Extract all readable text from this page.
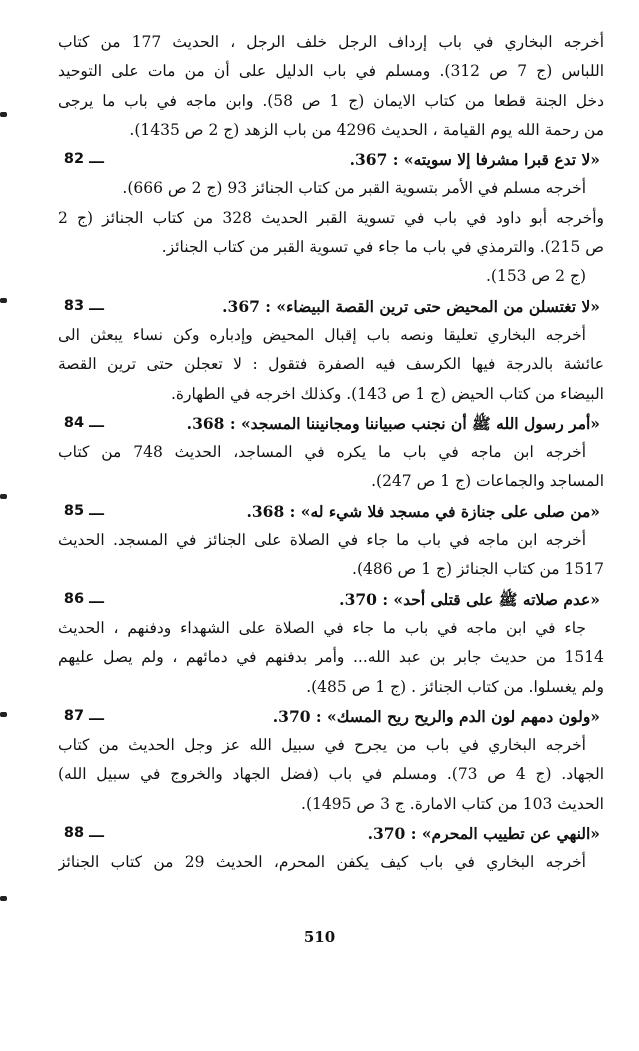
أخرجه البخاري في باب إرداف الرجل خلف الرجل ، الحديث 177 من كتاب
اللباس (ج 7 ص 312). ومسلم في باب الدليل على أن من مات على التوحيد
دخل الجنة قطعا من كتاب الايمان (ج 1 ص 58). وابن ماجه في باب ما يرجى
من رحمة الله يوم القيامة ، الحديث 4296 من باب الزهد (ج 2 ص 1435).
«لا تدع قبرا مشرفا إلا سويته» : 367.
82 ـــ
أخرجه مسلم في الأمر بتسوية القبر من كتاب الجنائز 93 (ج 2 ص 666).
وأخرجه أبو داود في باب في تسوية القبر الحديث 328 من كتاب الجنائز (ج 2
ص 215). والترمذي في باب ما جاء في تسوية القبر من كتاب الجنائز.
(ج 2 ص 153).
«لا تغتسلن من المحيض حتى ترين القصة البيضاء» : 367.
83 ـــ
أخرجه البخاري تعليقا ونصه باب إقبال المحيض وإدباره وكن نساء يبعثن الى
عائشة بالدرجة فيها الكرسف فيه الصفرة فتقول : لا تعجلن حتى ترين القصة
البيضاء من كتاب الحيض (ج 1 ص 143). وكذلك اخرجه في الطهارة.
«أمر رسول الله ﷺ أن نجنب صبياننا ومجانيننا المسجد» : 368.
84 ـــ
أخرجه ابن ماجه في باب ما يكره في المساجد، الحديث 748 من كتاب
المساجد والجماعات (ج 1 ص 247).
«من صلى على جنازة في مسجد فلا شيء له» : 368.
85 ـــ
أخرجه ابن ماجه في باب ما جاء في الصلاة على الجنائز في المسجد. الحديث
1517 من كتاب الجنائز (ج 1 ص 486).
«عدم صلاته ﷺ على قتلى أحد» : 370.
86 ـــ
جاء في ابن ماجه في باب ما جاء في الصلاة على الشهداء ودفنهم ، الحديث
1514 من حديث جابر بن عبد الله... وأمر بدفنهم في دمائهم ، ولم يصل عليهم
ولم يغسلوا. من كتاب الجنائز . (ج 1 ص 485).
«ولون دمهم لون الدم والريح ريح المسك» : 370.
87 ـــ
أخرجه البخاري في باب من يجرح في سبيل الله عز وجل الحديث من كتاب
الجهاد. (ج 4 ص 73). ومسلم في باب (فضل الجهاد والخروج في سبيل الله)
الحديث 103 من كتاب الامارة. ج 3 ص 1495).
«النهي عن تطييب المحرم» : 370.
88 ـــ
أخرجه البخاري في باب كيف يكفن المحرم، الحديث 29 من كتاب الجنائز
510
